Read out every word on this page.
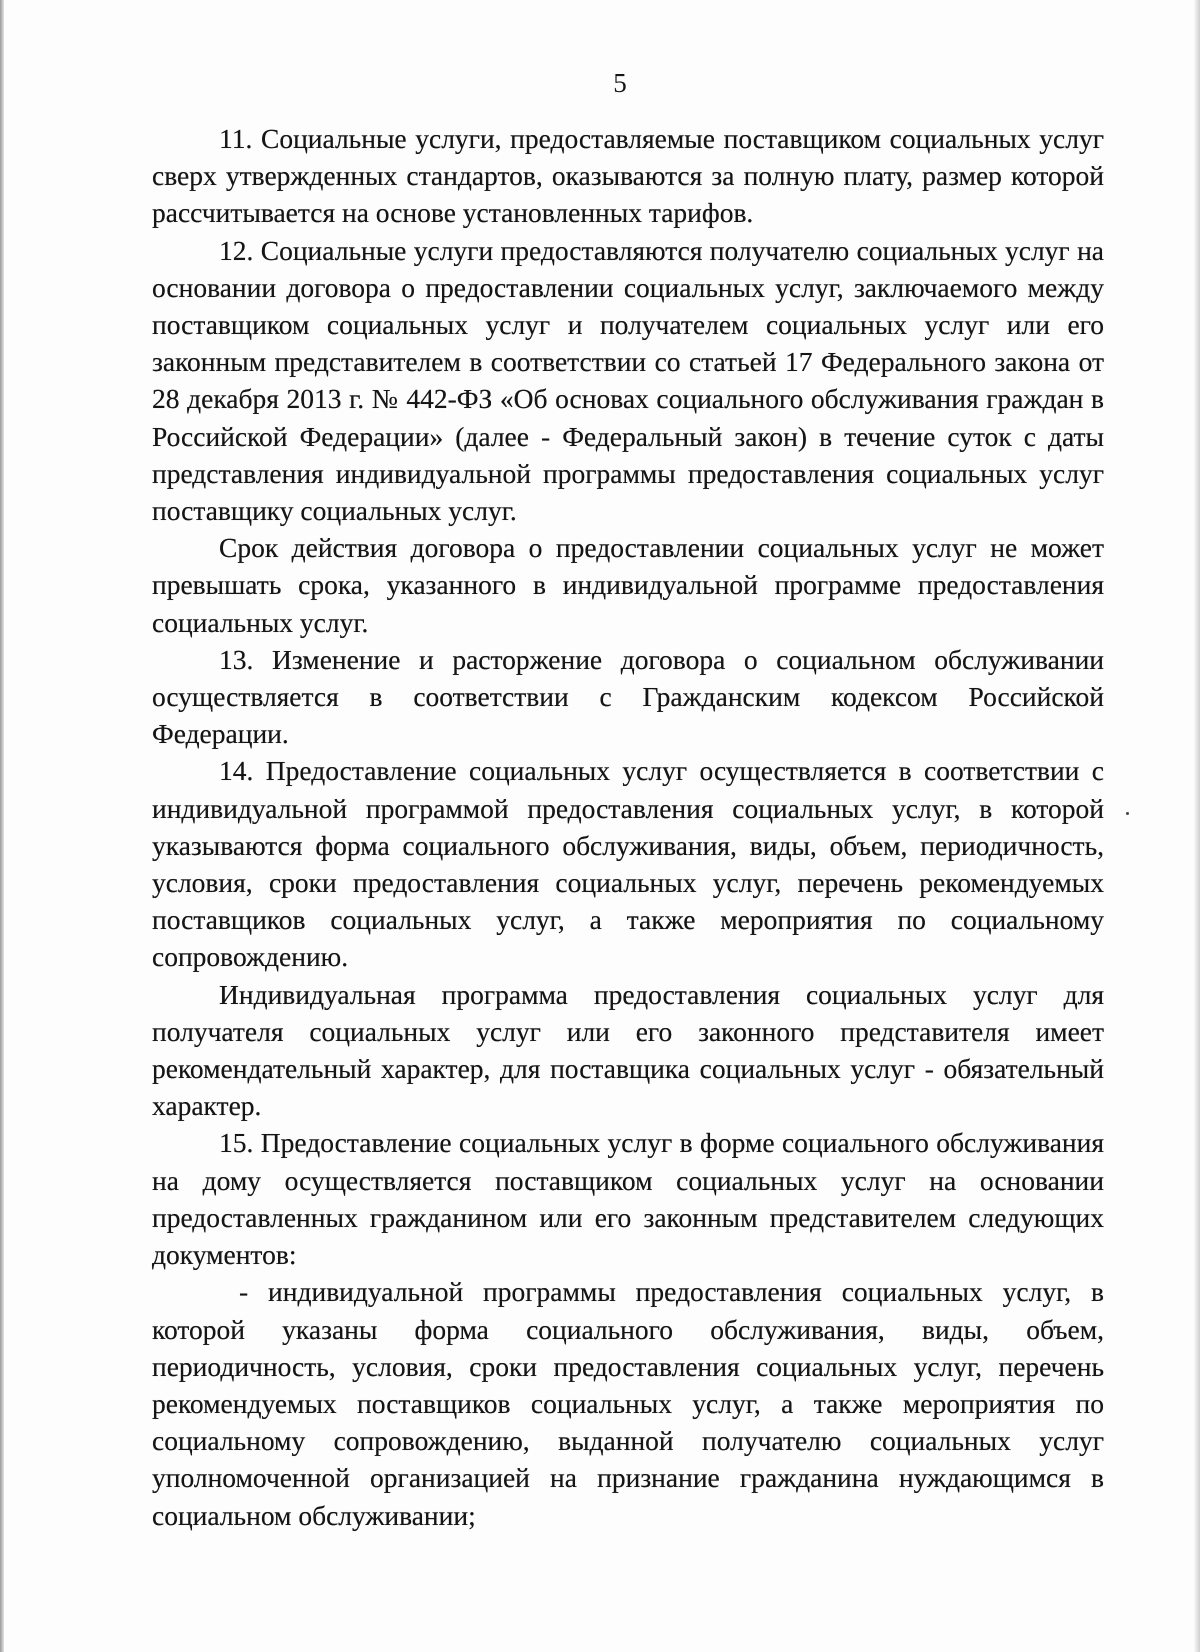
5

11. Социальные услуги, предоставляемые поставщиком социальных услуг сверх утвержденных стандартов, оказываются за полную плату, размер которой рассчитывается на основе установленных тарифов.

12. Социальные услуги предоставляются получателю социальных услуг на основании договора о предоставлении социальных услуг, заключаемого между поставщиком социальных услуг и получателем социальных услуг или его законным представителем в соответствии со статьей 17 Федерального закона от 28 декабря 2013 г. № 442-ФЗ «Об основах социального обслуживания граждан в Российской Федерации» (далее - Федеральный закон) в течение суток с даты представления индивидуальной программы предоставления социальных услуг поставщику социальных услуг.

Срок действия договора о предоставлении социальных услуг не может превышать срока, указанного в индивидуальной программе предоставления социальных услуг.

13. Изменение и расторжение договора о социальном обслуживании осуществляется в соответствии с Гражданским кодексом Российской Федерации.

14. Предоставление социальных услуг осуществляется в соответствии с индивидуальной программой предоставления социальных услуг, в которой указываются форма социального обслуживания, виды, объем, периодичность, условия, сроки предоставления социальных услуг, перечень рекомендуемых поставщиков социальных услуг, а также мероприятия по социальному сопровождению.

Индивидуальная программа предоставления социальных услуг для получателя социальных услуг или его законного представителя имеет рекомендательный характер, для поставщика социальных услуг - обязательный характер.

15. Предоставление социальных услуг в форме социального обслуживания на дому осуществляется поставщиком социальных услуг на основании предоставленных гражданином или его законным представителем следующих документов:

- индивидуальной программы предоставления социальных услуг, в которой указаны форма социального обслуживания, виды, объем, периодичность, условия, сроки предоставления социальных услуг, перечень рекомендуемых поставщиков социальных услуг, а также мероприятия по социальному сопровождению, выданной получателю социальных услуг уполномоченной организацией на признание гражданина нуждающимся в социальном обслуживании;
